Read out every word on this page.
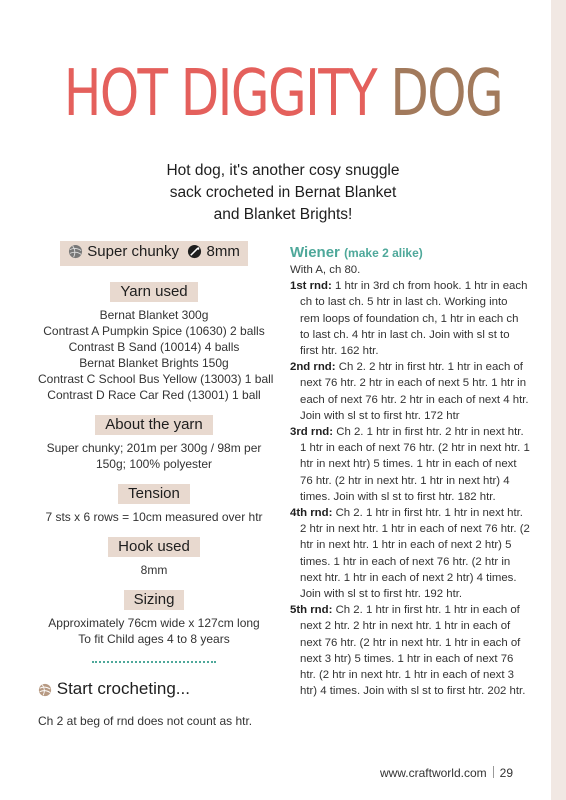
HOT DIGGITY DOG
Hot dog, it's another cosy snuggle
sack crocheted in Bernat Blanket
and Blanket Brights!
Super chunky 8mm
Yarn used
Bernat Blanket 300g
Contrast A Pumpkin Spice (10630) 2 balls
Contrast B Sand (10014) 4 balls
Bernat Blanket Brights 150g
Contrast C School Bus Yellow (13003) 1 ball
Contrast D Race Car Red (13001) 1 ball
About the yarn
Super chunky; 201m per 300g / 98m per
150g; 100% polyester
Tension
7 sts x 6 rows = 10cm measured over htr
Hook used
8mm
Sizing
Approximately 76cm wide x 127cm long
To fit Child ages 4 to 8 years
Start crocheting...
Ch 2 at beg of rnd does not count as htr.
Wiener (make 2 alike)
With A, ch 80.
1st rnd: 1 htr in 3rd ch from hook. 1 htr in each ch to last ch. 5 htr in last ch. Working into rem loops of foundation ch, 1 htr in each ch to last ch. 4 htr in last ch. Join with sl st to first htr. 162 htr.
2nd rnd: Ch 2. 2 htr in first htr. 1 htr in each of next 76 htr. 2 htr in each of next 5 htr. 1 htr in each of next 76 htr. 2 htr in each of next 4 htr. Join with sl st to first htr. 172 htr
3rd rnd: Ch 2. 1 htr in first htr. 2 htr in next htr. 1 htr in each of next 76 htr. (2 htr in next htr. 1 htr in next htr) 5 times. 1 htr in each of next 76 htr. (2 htr in next htr. 1 htr in next htr) 4 times. Join with sl st to first htr. 182 htr.
4th rnd: Ch 2. 1 htr in first htr. 1 htr in next htr. 2 htr in next htr. 1 htr in each of next 76 htr. (2 htr in next htr. 1 htr in each of next 2 htr) 5 times. 1 htr in each of next 76 htr. (2 htr in next htr. 1 htr in each of next 2 htr) 4 times. Join with sl st to first htr. 192 htr.
5th rnd: Ch 2. 1 htr in first htr. 1 htr in each of next 2 htr. 2 htr in next htr. 1 htr in each of next 76 htr. (2 htr in next htr. 1 htr in each of next 3 htr) 5 times. 1 htr in each of next 76 htr. (2 htr in next htr. 1 htr in each of next 3 htr) 4 times. Join with sl st to first htr. 202 htr.
www.craftworld.com 29
